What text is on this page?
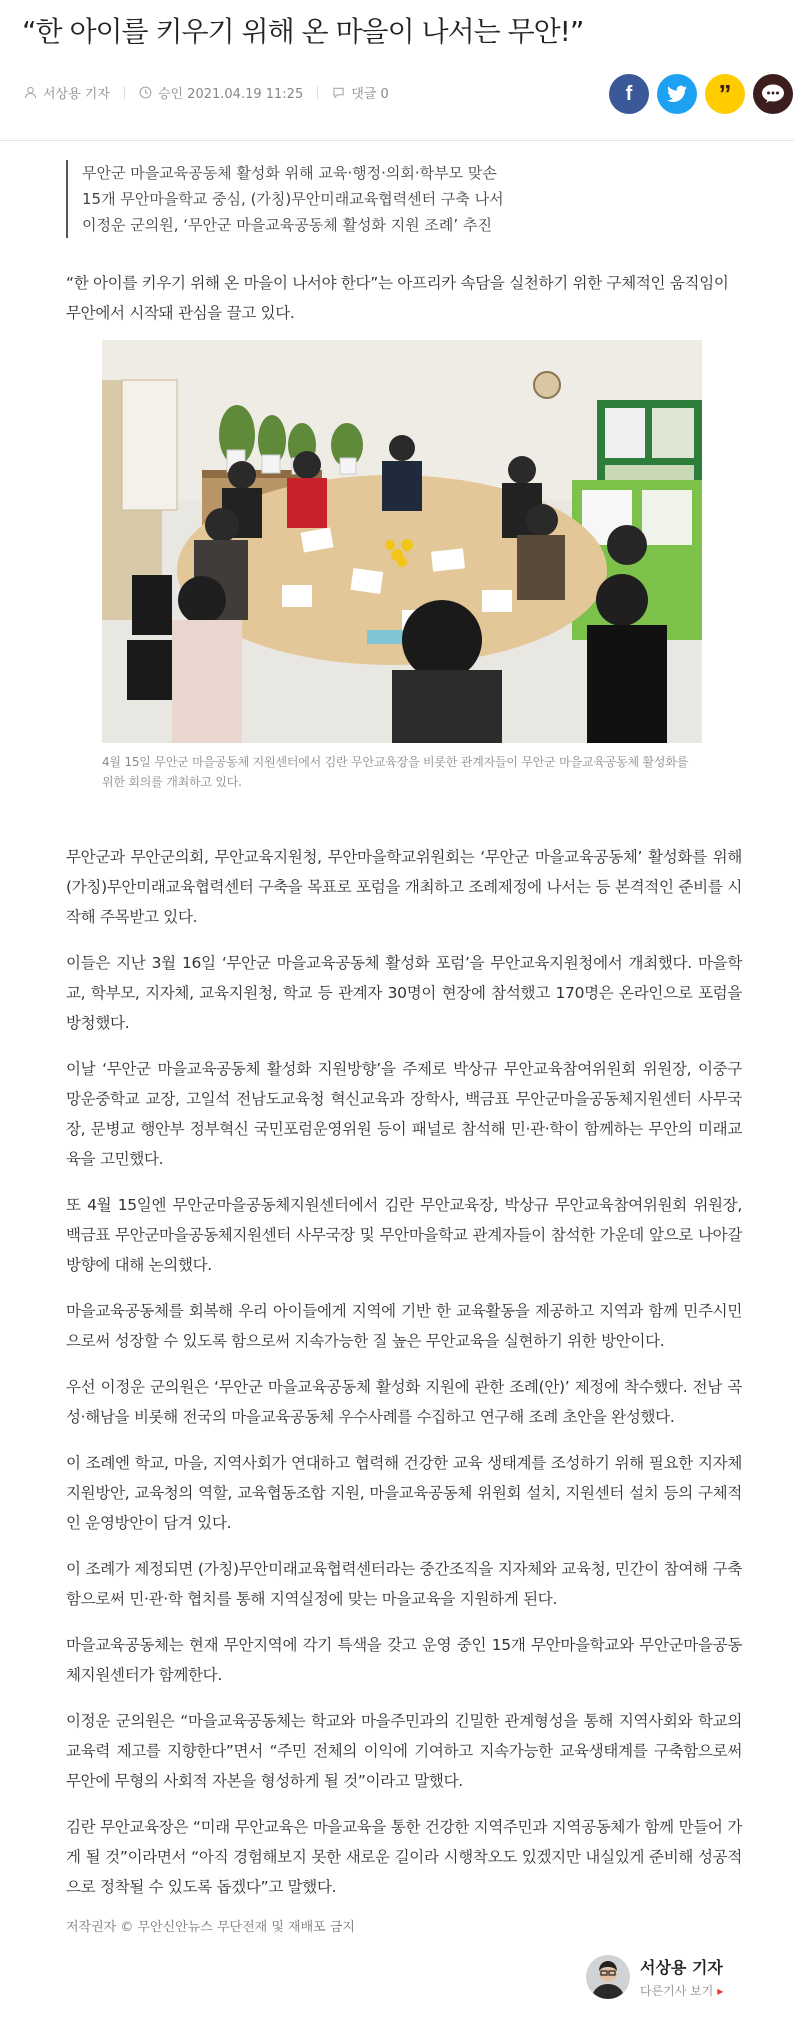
“한 아이를 키우기 위해 온 마을이 나서는 무안!”
서상용 기자	승인 2021.04.19 11:25	댓글 0	f	”
무안군 마을교육공동체 활성화 위해 교육·행정·의회·학부모 맞손
15개 무안마을학교 중심, (가칭)무안미래교육협력센터 구축 나서
이정운 군의원, ‘무안군 마을교육공동체 활성화 지원 조례’ 추진
“한 아이를 키우기 위해 온 마을이 나서야 한다”는 아프리카 속담을 실천하기 위한 구체적인 움직임이 무안에서 시작돼 관심을 끌고 있다.
4월 15일 무안군 마을공동체 지원센터에서 김란 무안교육장을 비롯한 관계자들이 무안군 마을교육공동체 활성화를 위한 회의를 개최하고 있다.

무안군과 무안군의회, 무안교육지원청, 무안마을학교위원회는 ‘무안군 마을교육공동체’ 활성화를 위해 (가칭)무안미래교육협력센터 구축을 목표로 포럼을 개최하고 조례제정에 나서는 등 본격적인 준비를 시작해 주목받고 있다.

이들은 지난 3월 16일 ‘무안군 마을교육공동체 활성화 포럼’을 무안교육지원청에서 개최했다. 마을학교, 학부모, 지자체, 교육지원청, 학교 등 관계자 30명이 현장에 참석했고 170명은 온라인으로 포럼을 방청했다.

이날 ‘무안군 마을교육공동체 활성화 지원방향’을 주제로 박상규 무안교육참여위원회 위원장, 이중구 망운중학교 교장, 고일석 전남도교육청 혁신교육과 장학사, 백금표 무안군마을공동체지원센터 사무국장, 문병교 행안부 정부혁신 국민포럼운영위원 등이 패널로 참석해 민·관·학이 함께하는 무안의 미래교육을 고민했다.

또 4월 15일엔 무안군마을공동체지원센터에서 김란 무안교육장, 박상규 무안교육참여위원회 위원장, 백금표 무안군마을공동체지원센터 사무국장 및 무안마을학교 관계자들이 참석한 가운데 앞으로 나아갈 방향에 대해 논의했다.

마을교육공동체를 회복해 우리 아이들에게 지역에 기반 한 교육활동을 제공하고 지역과 함께 민주시민으로써 성장할 수 있도록 함으로써 지속가능한 질 높은 무안교육을 실현하기 위한 방안이다.

우선 이정운 군의원은 ‘무안군 마을교육공동체 활성화 지원에 관한 조례(안)’ 제정에 착수했다. 전남 곡성·해남을 비롯해 전국의 마을교육공동체 우수사례를 수집하고 연구해 조례 초안을 완성했다.

이 조례엔 학교, 마을, 지역사회가 연대하고 협력해 건강한 교육 생태계를 조성하기 위해 필요한 지자체 지원방안, 교육청의 역할, 교육협동조합 지원, 마을교육공동체 위원회 설치, 지원센터 설치 등의 구체적인 운영방안이 담겨 있다.

이 조례가 제정되면 (가칭)무안미래교육협력센터라는 중간조직을 지자체와 교육청, 민간이 참여해 구축함으로써 민·관·학 협치를 통해 지역실정에 맞는 마을교육을 지원하게 된다.

마을교육공동체는 현재 무안지역에 각기 특색을 갖고 운영 중인 15개 무안마을학교와 무안군마을공동체지원센터가 함께한다.

이정운 군의원은 “마을교육공동체는 학교와 마을주민과의 긴밀한 관계형성을 통해 지역사회와 학교의 교육력 제고를 지향한다”면서 “주민 전체의 이익에 기여하고 지속가능한 교육생태계를 구축함으로써 무안에 무형의 사회적 자본을 형성하게 될 것”이라고 말했다.

김란 무안교육장은 “미래 무안교육은 마을교육을 통한 건강한 지역주민과 지역공동체가 함께 만들어 가게 될 것”이라면서 “아직 경험해보지 못한 새로운 길이라 시행착오도 있겠지만 내실있게 준비해 성공적으로 정착될 수 있도록 돕겠다”고 말했다.

저작권자 © 무안신안뉴스 무단전재 및 재배포 금지
서상용 기자
다른기사 보기 ▸
